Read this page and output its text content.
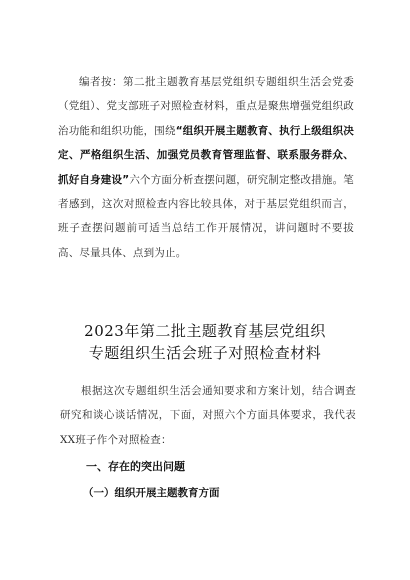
编者按：第二批主题教育基层党组织专题组织生活会党委（党组）、党支部班子对照检查材料，重点是聚焦增强党组织政治功能和组织功能，围绕“组织开展主题教育、执行上级组织决定、严格组织生活、加强党员教育管理监督、联系服务群众、抓好自身建设”六个方面分析查摆问题，研究制定整改措施。笔者感到，这次对照检查内容比较具体，对于基层党组织而言，班子查摆问题前可适当总结工作开展情况，讲问题时不要拔高、尽量具体、点到为止。

2023年第二批主题教育基层党组织
专题组织生活会班子对照检查材料

根据这次专题组织生活会通知要求和方案计划，结合调查研究和谈心谈话情况，下面，对照六个方面具体要求，我代表XX班子作个对照检查：

一、存在的突出问题
（一）组织开展主题教育方面
